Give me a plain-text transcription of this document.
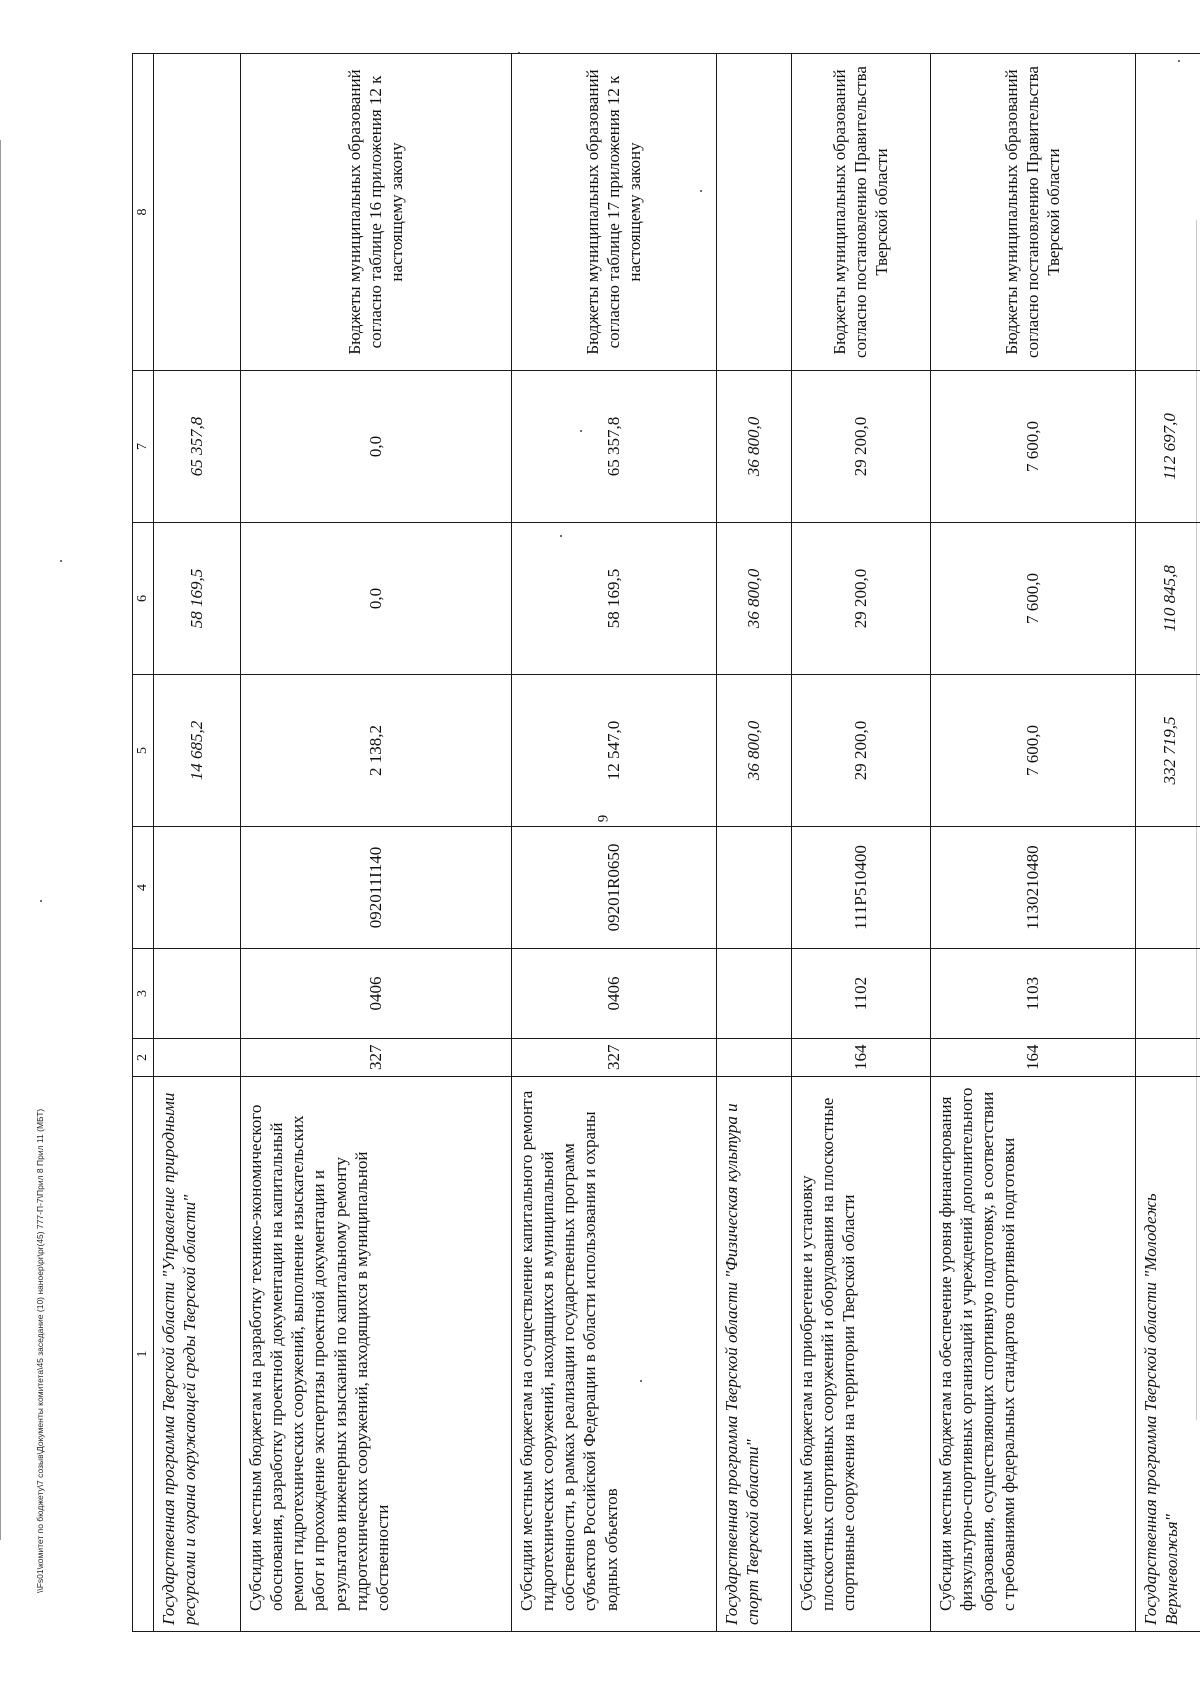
9
\\Fs01\комитет по бюджету\7 созыв\Документы комитета\45 заседание (10) наноер\pr\pr(45) 777-П-7\Прил 8 Прил 11 (МБТ)	1	2	3	4	5	6	7	8
Государственная программа Тверской области "Управление природными ресурсами и охрана окружающей среды Тверской области"				14 685,2	58 169,5	65 357,8	

Субсидии местным бюджетам на разработку технико-экономического обоснования, разработку проектной документации на капитальный ремонт гидротехнических сооружений, выполнение изыскательских работ и прохождение экспертизы проектной документации и результатов инженерных изысканий по капитальному ремонту гидротехнических сооружений, находящихся в муниципальной собственности	327	0406	092011I140	2 138,2	0,0	0,0	Бюджеты муниципальных образований согласно таблице 16 приложения 12 к настоящему закону

Субсидии местным бюджетам на осуществление капитального ремонта гидротехнических сооружений, находящихся в муниципальной собственности, в рамках реализации государственных программ субъектов Российской Федерации в области использования и охраны водных объектов	327	0406	09201R0650	12 547,0	58 169,5	65 357,8	Бюджеты муниципальных образований согласно таблице 17 приложения 12 к настоящему закону

Государственная программа Тверской области "Физическая культура и спорт Тверской области"				36 800,0	36 800,0	36 800,0	

Субсидии местным бюджетам на приобретение и установку плоскостных спортивных сооружений и оборудования на плоскостные спортивные сооружения на территории Тверской области	164	1102	111P510400	29 200,0	29 200,0	29 200,0	Бюджеты муниципальных образований согласно постановлению Правительства Тверской области

Субсидии местным бюджетам на обеспечение уровня финансирования физкультурно-спортивных организаций и учреждений дополнительного образования, осуществляющих спортивную подготовку, в соответствии с требованиями федеральных стандартов спортивной подготовки	164	1103	1130210480	7 600,0	7 600,0	7 600,0	Бюджеты муниципальных образований согласно постановлению Правительства Тверской области

Государственная программа Тверской области "Молодежь Верхневолжья"				332 719,5	110 845,8	112 697,0	
